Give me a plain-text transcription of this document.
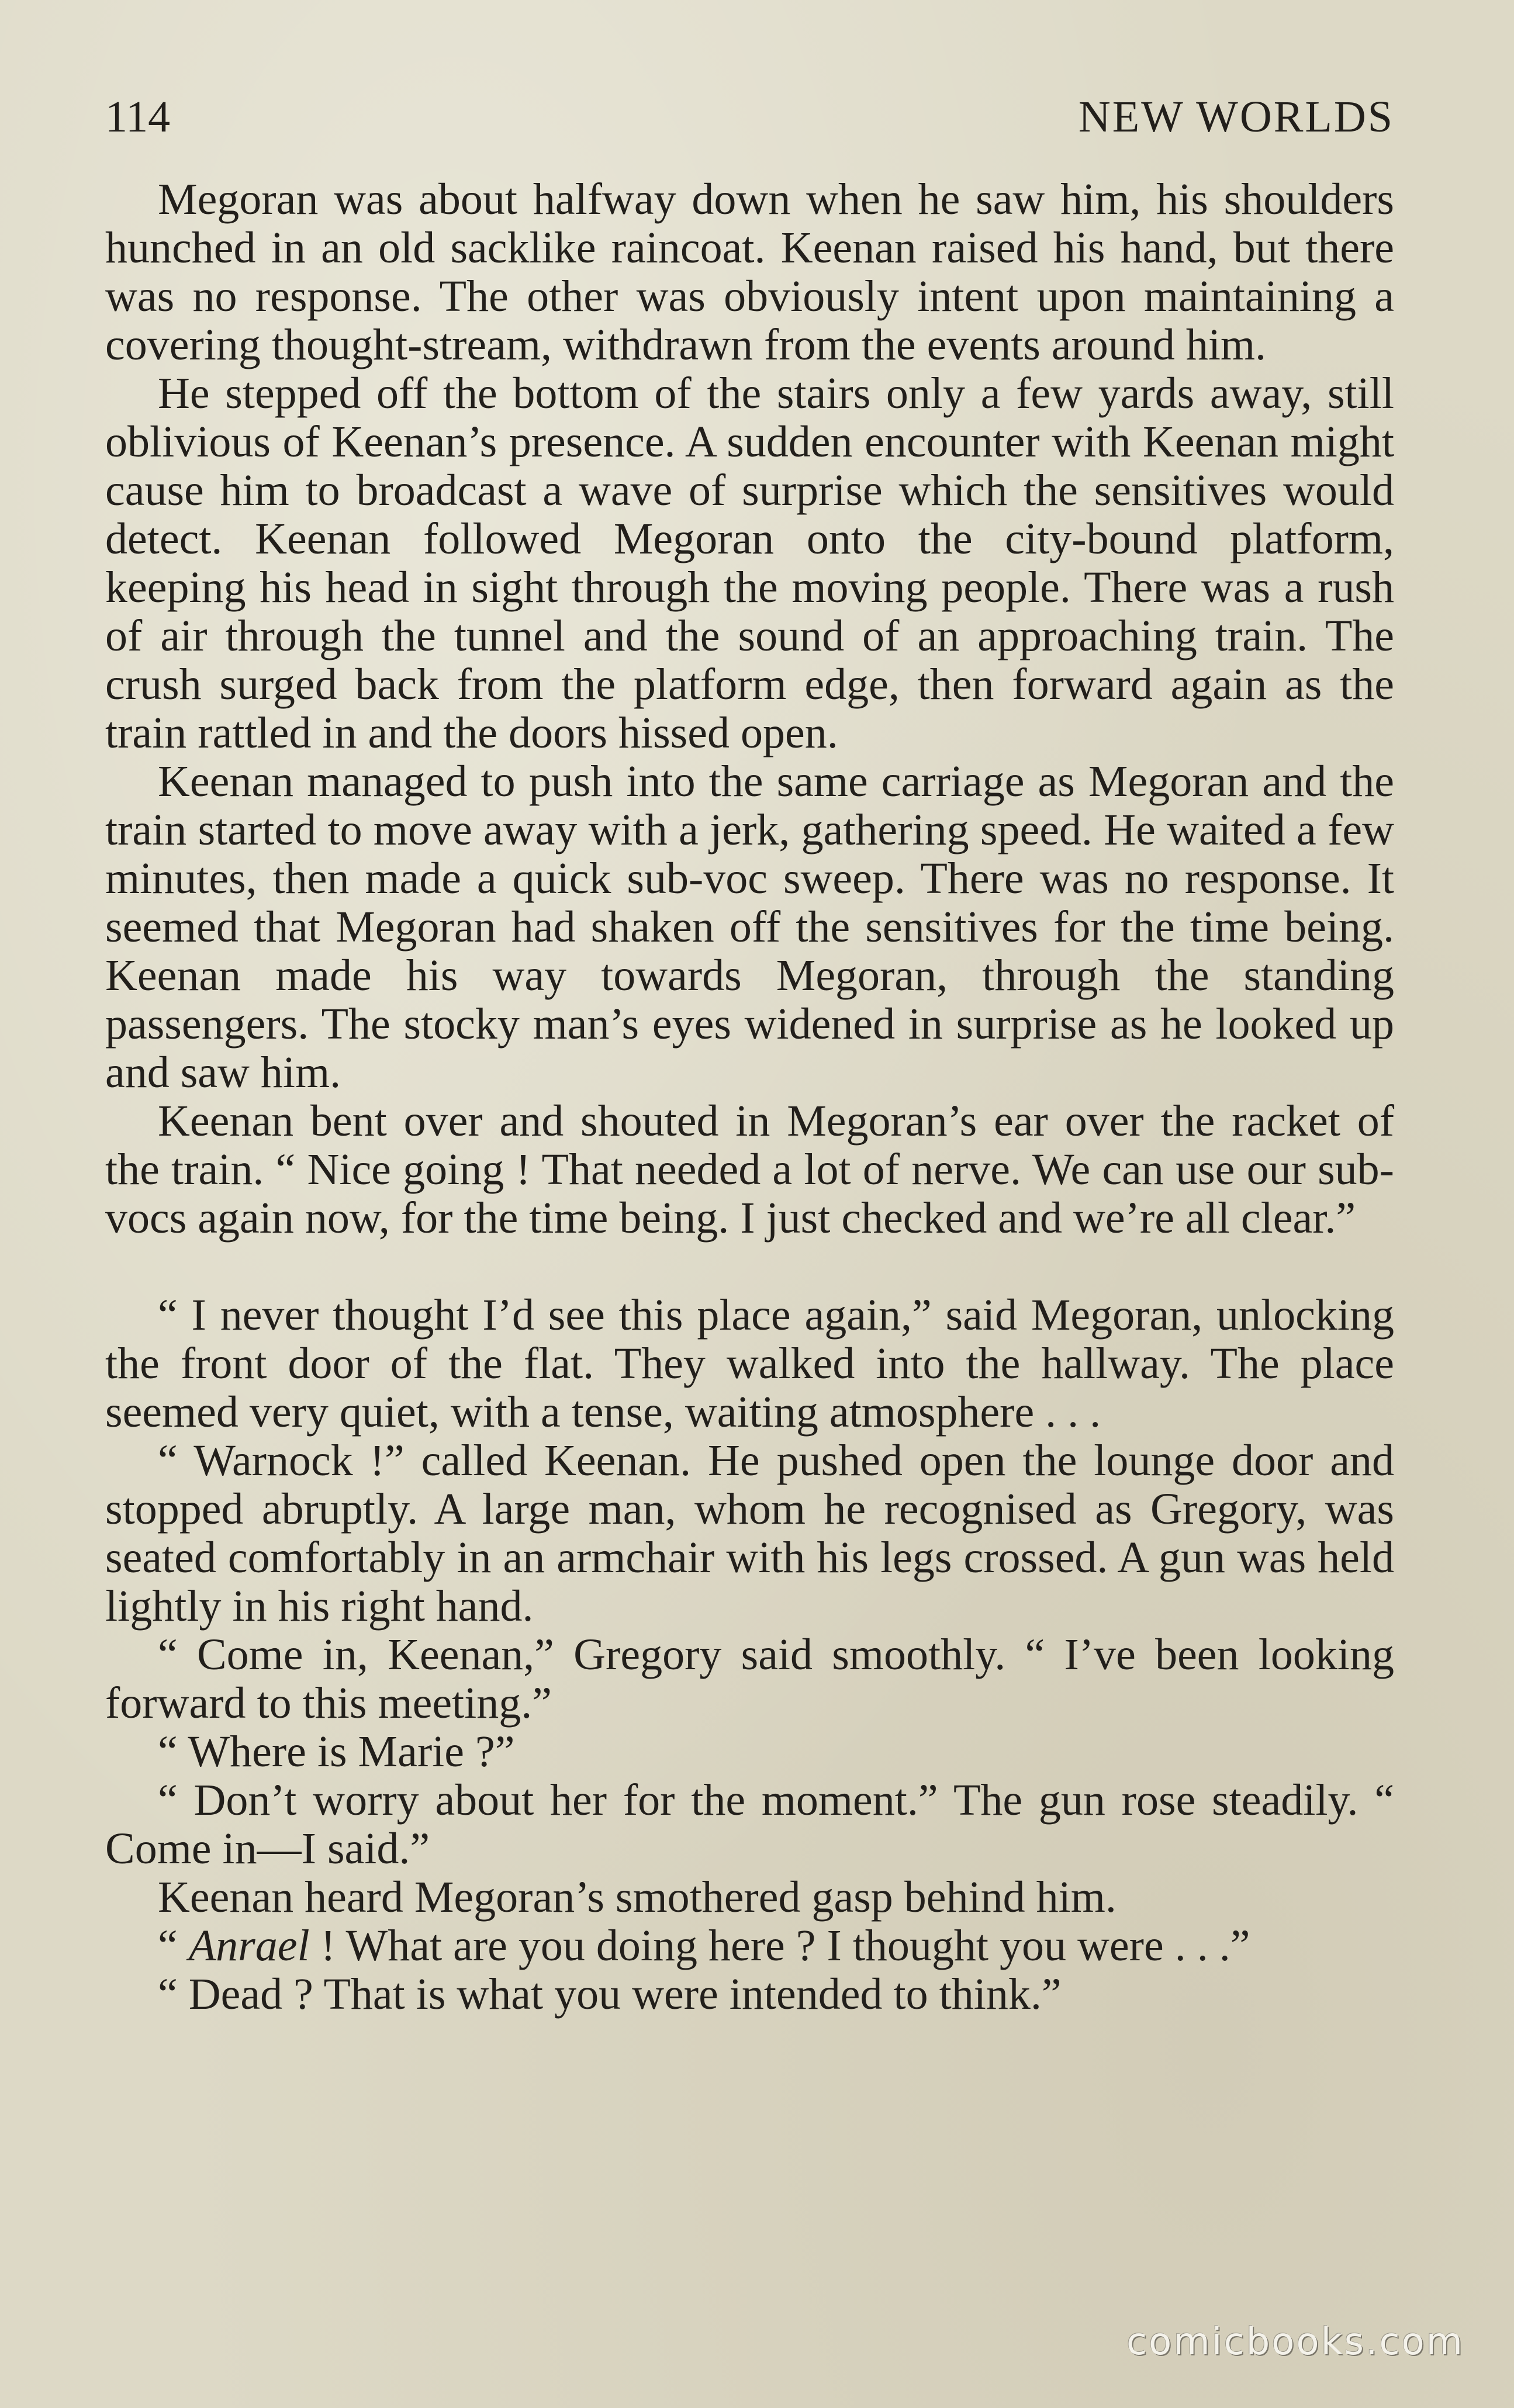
114	NEW WORLDS

Megoran was about halfway down when he saw him, his shoulders hunched in an old sacklike raincoat. Keenan raised his hand, but there was no response. The other was obviously intent upon maintaining a covering thought-stream, withdrawn from the events around him.

He stepped off the bottom of the stairs only a few yards away, still oblivious of Keenan’s presence. A sudden encounter with Keenan might cause him to broadcast a wave of surprise which the sensitives would detect. Keenan followed Megoran onto the city-bound platform, keeping his head in sight through the moving people. There was a rush of air through the tunnel and the sound of an approaching train. The crush surged back from the platform edge, then forward again as the train rattled in and the doors hissed open.

Keenan managed to push into the same carriage as Megoran and the train started to move away with a jerk, gathering speed. He waited a few minutes, then made a quick sub-voc sweep. There was no response. It seemed that Megoran had shaken off the sensitives for the time being. Keenan made his way towards Megoran, through the standing passengers. The stocky man’s eyes widened in surprise as he looked up and saw him.

Keenan bent over and shouted in Megoran’s ear over the racket of the train. “ Nice going ! That needed a lot of nerve. We can use our sub-vocs again now, for the time being. I just checked and we’re all clear.”

“ I never thought I’d see this place again,” said Megoran, unlocking the front door of the flat. They walked into the hallway. The place seemed very quiet, with a tense, waiting atmosphere . . .

“ Warnock !” called Keenan. He pushed open the lounge door and stopped abruptly. A large man, whom he recognised as Gregory, was seated comfortably in an armchair with his legs crossed. A gun was held lightly in his right hand.

“ Come in, Keenan,” Gregory said smoothly. “ I’ve been looking forward to this meeting.”

“ Where is Marie ?”

“ Don’t worry about her for the moment.” The gun rose steadily. “ Come in—I said.”

Keenan heard Megoran’s smothered gasp behind him.

“ Anrael ! What are you doing here ? I thought you were . . .”

“ Dead ? That is what you were intended to think.”

comicbooks.com
